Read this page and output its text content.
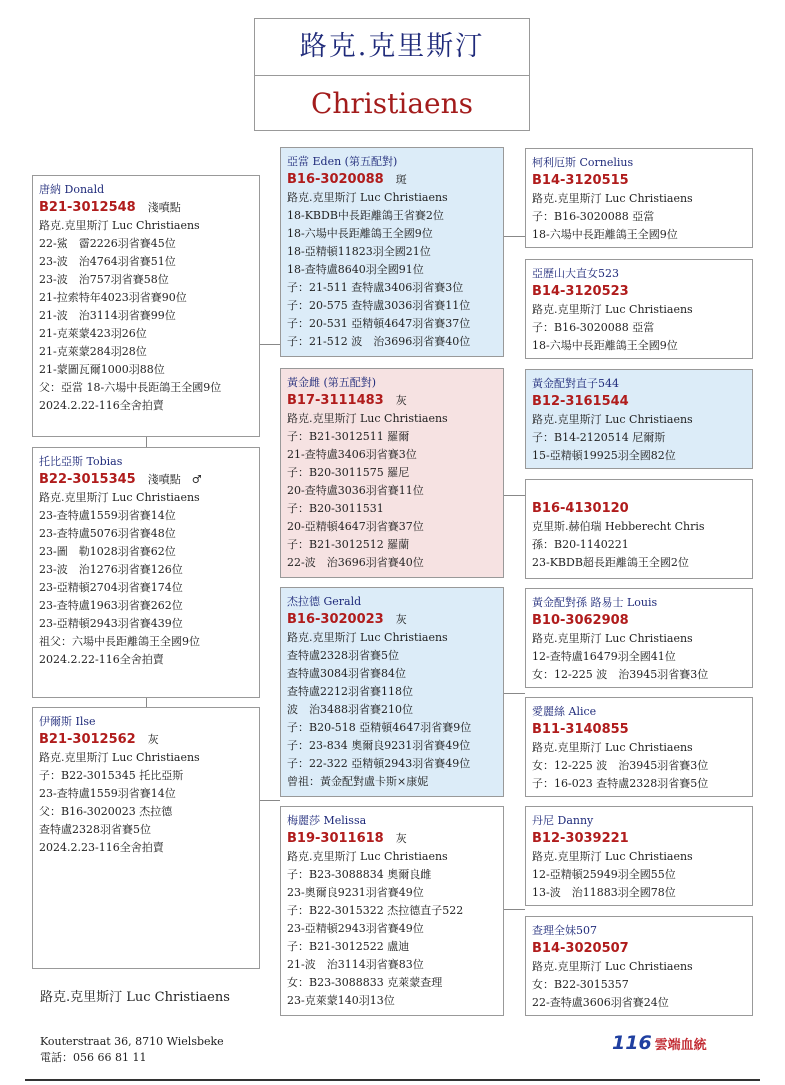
路克.克里斯汀
Christiaens
唐納 Donald
B21-3012548 淺噴點
路克.克里斯汀 Luc Christiaens
22-鯊　霤2226羽省賽45位
23-波　治4764羽省賽51位
23-波　治757羽省賽58位
21-拉索特年4023羽省賽90位
21-波　治3114羽省賽99位
21-克萊蒙423羽26位
21-克萊蒙284羽28位
21-蒙圖瓦爾1000羽88位
父：亞當 18-六場中長距鴿王全國9位
2024.2.22-116全舍拍賣
托比亞斯 Tobias
B22-3015345 淺噴點　♂
路克.克里斯汀 Luc Christiaens
23-查特盧1559羽省賽14位
23-查特盧5076羽省賽48位
23-圖　勒1028羽省賽62位
23-波　治1276羽省賽126位
23-亞精頓2704羽省賽174位
23-查特盧1963羽省賽262位
23-亞精頓2943羽省賽439位
祖父：六場中長距離鴿王全國9位
2024.2.22-116全舍拍賣
伊爾斯 Ilse
B21-3012562 灰
路克.克里斯汀 Luc Christiaens
子：B22-3015345 托比亞斯
23-查特盧1559羽省賽14位
父：B16-3020023 杰拉德
查特盧2328羽省賽5位
2024.2.23-116全舍拍賣
亞當 Eden (第五配對)
B16-3020088 斑
路克.克里斯汀 Luc Christiaens
18-KBDB中長距離鴿王省賽2位
18-六場中長距離鴿王全國9位
18-亞精頓11823羽全國21位
18-查特盧8640羽全國91位
子：21-511 查特盧3406羽省賽3位
子：20-575 查特盧3036羽省賽11位
子：20-531 亞精頓4647羽省賽37位
子：21-512 波　治3696羽省賽40位
黃金雌 (第五配對)
B17-3111483 灰
路克.克里斯汀 Luc Christiaens
子：B21-3012511 羅爾
21-查特盧3406羽省賽3位
子：B20-3011575 羅尼
20-查特盧3036羽省賽11位
子：B20-3011531
20-亞精頓4647羽省賽37位
子：B21-3012512 羅蘭
22-波　治3696羽省賽40位
杰拉德 Gerald
B16-3020023 灰
路克.克里斯汀 Luc Christiaens
查特盧2328羽省賽5位
查特盧3084羽省賽84位
查特盧2212羽省賽118位
波　治3488羽省賽210位
子：B20-518 亞精頓4647羽省賽9位
子：23-834 奧爾良9231羽省賽49位
子：22-322 亞精頓2943羽省賽49位
曾祖：黃金配對盧卡斯×康妮
梅麗莎 Melissa
B19-3011618 灰
路克.克里斯汀 Luc Christiaens
子：B23-3088834 奧爾良雌
23-奧爾良9231羽省賽49位
子：B22-3015322 杰拉德直子522
23-亞精頓2943羽省賽49位
子：B21-3012522 盧迪
21-波　治3114羽省賽83位
女：B23-3088833 克萊蒙查理
23-克萊蒙140羽13位
柯利厄斯 Cornelius
B14-3120515
路克.克里斯汀 Luc Christiaens
子：B16-3020088 亞當
18-六場中長距離鴿王全國9位
亞歷山大直女523
B14-3120523
路克.克里斯汀 Luc Christiaens
子：B16-3020088 亞當
18-六場中長距離鴿王全國9位
黃金配對直子544
B12-3161544
路克.克里斯汀 Luc Christiaens
子：B14-2120514 尼爾斯
15-亞精頓19925羽全國82位
B16-4130120
克里斯.赫伯瑞 Hebberecht Chris
孫：B20-1140221
23-KBDB超長距離鴿王全國2位
黃金配對孫 路易士 Louis
B10-3062908
路克.克里斯汀 Luc Christiaens
12-查特盧16479羽全國41位
女：12-225 波　治3945羽省賽3位
愛麗絲 Alice
B11-3140855
路克.克里斯汀 Luc Christiaens
女：12-225 波　治3945羽省賽3位
子：16-023 查特盧2328羽省賽5位
丹尼 Danny
B12-3039221
路克.克里斯汀 Luc Christiaens
12-亞精頓25949羽全國55位
13-波　治11883羽全國78位
查理全妹507
B14-3020507
路克.克里斯汀 Luc Christiaens
女：B22-3015357
22-查特盧3606羽省賽24位
路克.克里斯汀 Luc Christiaens
Kouterstraat 36, 8710 Wielsbeke
電話：056 66 81 11
116 雲端血統
